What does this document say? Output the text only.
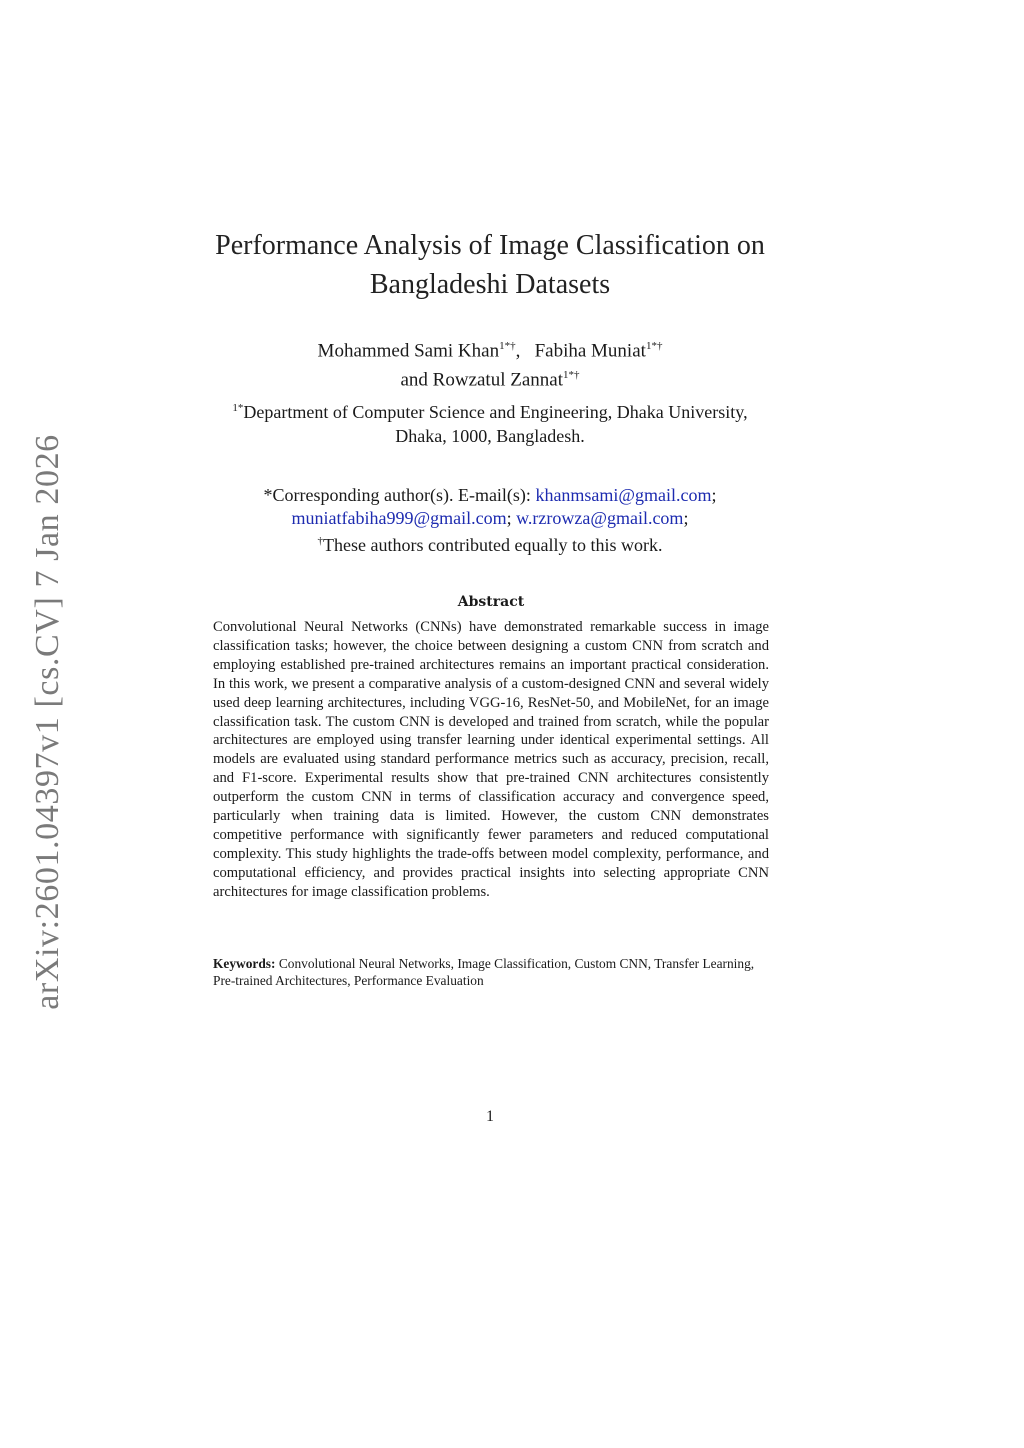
arXiv:2601.04397v1 [cs.CV] 7 Jan 2026
Performance Analysis of Image Classification on
Bangladeshi Datasets
Mohammed Sami Khan$^{1*\dagger}$, Fabiha Muniat$^{1*\dagger}$
and Rowzatul Zannat$^{1*\dagger}$
$^{1*}$Department of Computer Science and Engineering, Dhaka University,
Dhaka, 1000, Bangladesh.
*Corresponding author(s). E-mail(s): khanmsami@gmail.com;
muniatfabiha999@gmail.com; w.rzrowza@gmail.com;
†These authors contributed equally to this work.
Abstract
Convolutional Neural Networks (CNNs) have demonstrated remarkable success in image classification tasks; however, the choice between designing a custom CNN from scratch and employing established pre-trained architectures remains an important practical consideration. In this work, we present a comparative analysis of a custom-designed CNN and several widely used deep learning architectures, including VGG-16, ResNet-50, and MobileNet, for an image classification task. The custom CNN is developed and trained from scratch, while the popular architectures are employed using transfer learning under identical experimental settings. All models are evaluated using standard performance metrics such as accuracy, precision, recall, and F1-score. Experimental results show that pre-trained CNN architectures consistently outperform the custom CNN in terms of classification accuracy and convergence speed, particularly when training data is limited. However, the custom CNN demonstrates competitive performance with significantly fewer parameters and reduced computational complexity. This study highlights the trade-offs between model complexity, performance, and computational efficiency, and provides practical insights into selecting appropriate CNN architectures for image classification problems.
Keywords: Convolutional Neural Networks, Image Classification, Custom CNN, Transfer Learning, Pre-trained Architectures, Performance Evaluation
1
